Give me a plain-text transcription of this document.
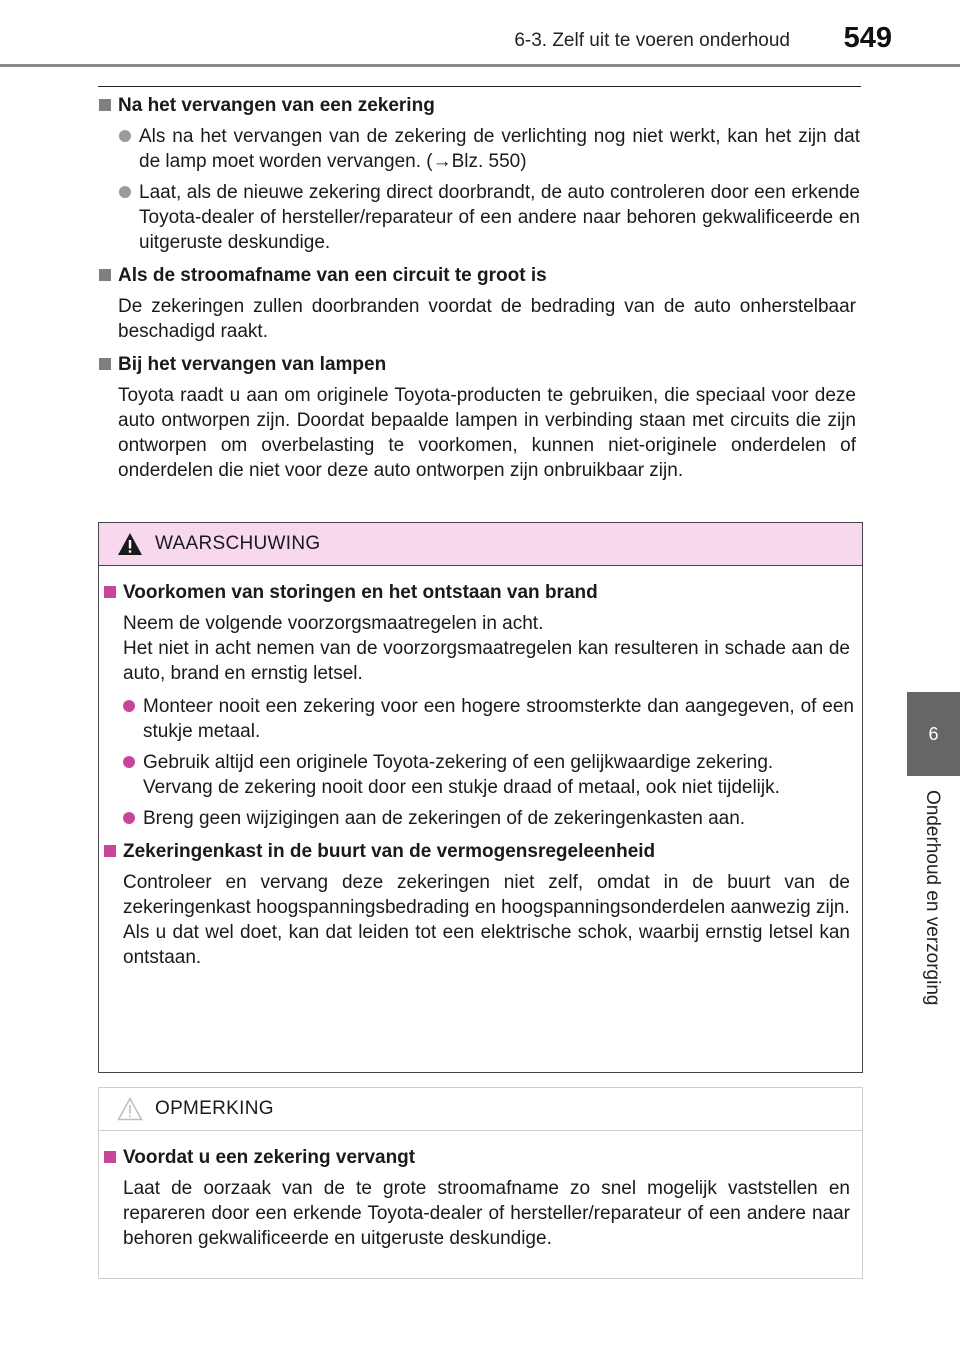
6-3. Zelf uit te voeren onderhoud	549
6
Onderhoud en verzorging
Na het vervangen van een zekering
Als na het vervangen van de zekering de verlichting nog niet werkt, kan het zijn dat de lamp moet worden vervangen. (→Blz. 550)
Laat, als de nieuwe zekering direct doorbrandt, de auto controleren door een erkende Toyota-dealer of hersteller/reparateur of een andere naar behoren gekwalificeerde en uitgeruste deskundige.
Als de stroomafname van een circuit te groot is
De zekeringen zullen doorbranden voordat de bedrading van de auto onherstelbaar beschadigd raakt.
Bij het vervangen van lampen
Toyota raadt u aan om originele Toyota-producten te gebruiken, die speciaal voor deze auto ontworpen zijn. Doordat bepaalde lampen in verbinding staan met circuits die zijn ontworpen om overbelasting te voorkomen, kunnen niet-originele onderdelen of onderdelen die niet voor deze auto ontworpen zijn onbruikbaar zijn.
WAARSCHUWING
Voorkomen van storingen en het ontstaan van brand
Neem de volgende voorzorgsmaatregelen in acht.
Het niet in acht nemen van de voorzorgsmaatregelen kan resulteren in schade aan de auto, brand en ernstig letsel.
Monteer nooit een zekering voor een hogere stroomsterkte dan aangegeven, of een stukje metaal.
Gebruik altijd een originele Toyota-zekering of een gelijkwaardige zekering.
Vervang de zekering nooit door een stukje draad of metaal, ook niet tijdelijk.
Breng geen wijzigingen aan de zekeringen of de zekeringenkasten aan.
Zekeringenkast in de buurt van de vermogensregeleenheid
Controleer en vervang deze zekeringen niet zelf, omdat in de buurt van de zekeringenkast hoogspanningsbedrading en hoogspanningsonderdelen aanwezig zijn.
Als u dat wel doet, kan dat leiden tot een elektrische schok, waarbij ernstig letsel kan ontstaan.
OPMERKING
Voordat u een zekering vervangt
Laat de oorzaak van de te grote stroomafname zo snel mogelijk vaststellen en repareren door een erkende Toyota-dealer of hersteller/reparateur of een andere naar behoren gekwalificeerde en uitgeruste deskundige.
